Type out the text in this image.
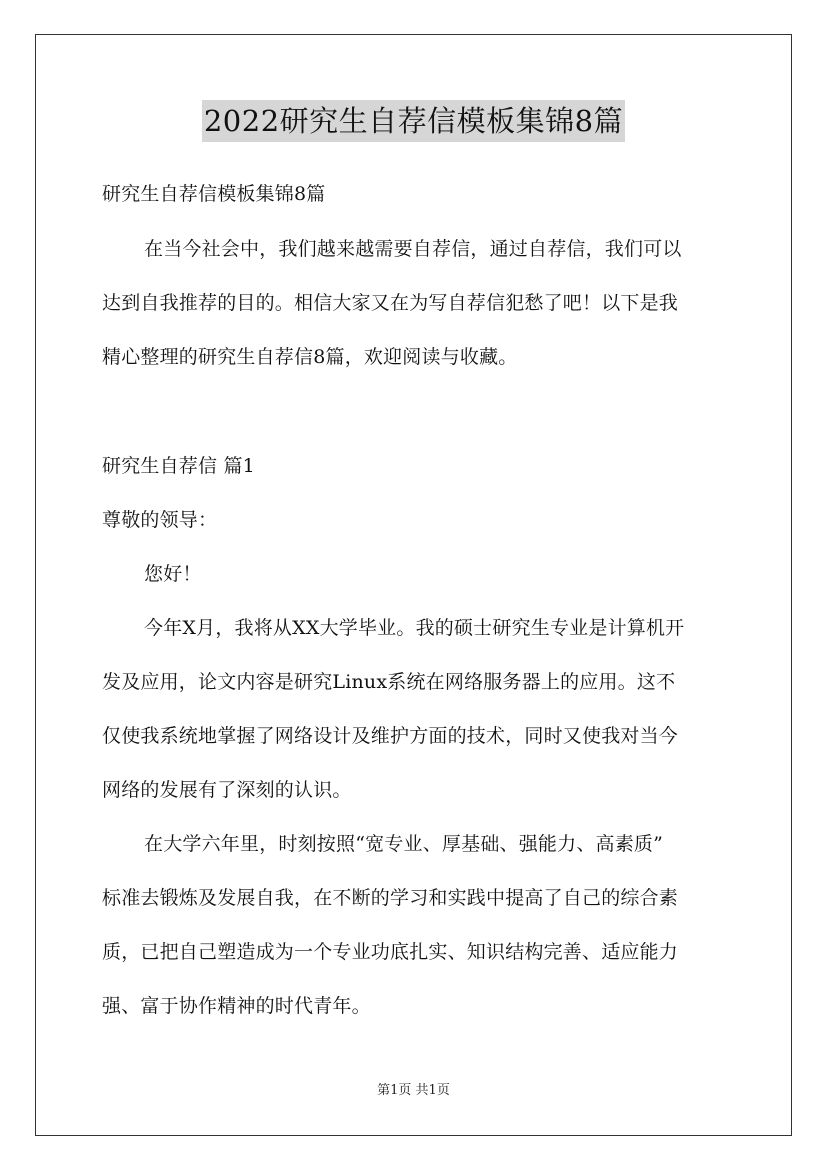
2022研究生自荐信模板集锦8篇
研究生自荐信模板集锦8篇
在当今社会中，我们越来越需要自荐信，通过自荐信，我们可以
达到自我推荐的目的。相信大家又在为写自荐信犯愁了吧！以下是我
精心整理的研究生自荐信8篇，欢迎阅读与收藏。
研究生自荐信 篇1
尊敬的领导：
您好！
今年X月，我将从XX大学毕业。我的硕士研究生专业是计算机开
发及应用，论文内容是研究Linux系统在网络服务器上的应用。这不
仅使我系统地掌握了网络设计及维护方面的技术，同时又使我对当今
网络的发展有了深刻的认识。
在大学六年里，时刻按照“宽专业、厚基础、强能力、高素质”
标准去锻炼及发展自我，在不断的学习和实践中提高了自己的综合素
质，已把自己塑造成为一个专业功底扎实、知识结构完善、适应能力
强、富于协作精神的时代青年。
第1页 共1页
